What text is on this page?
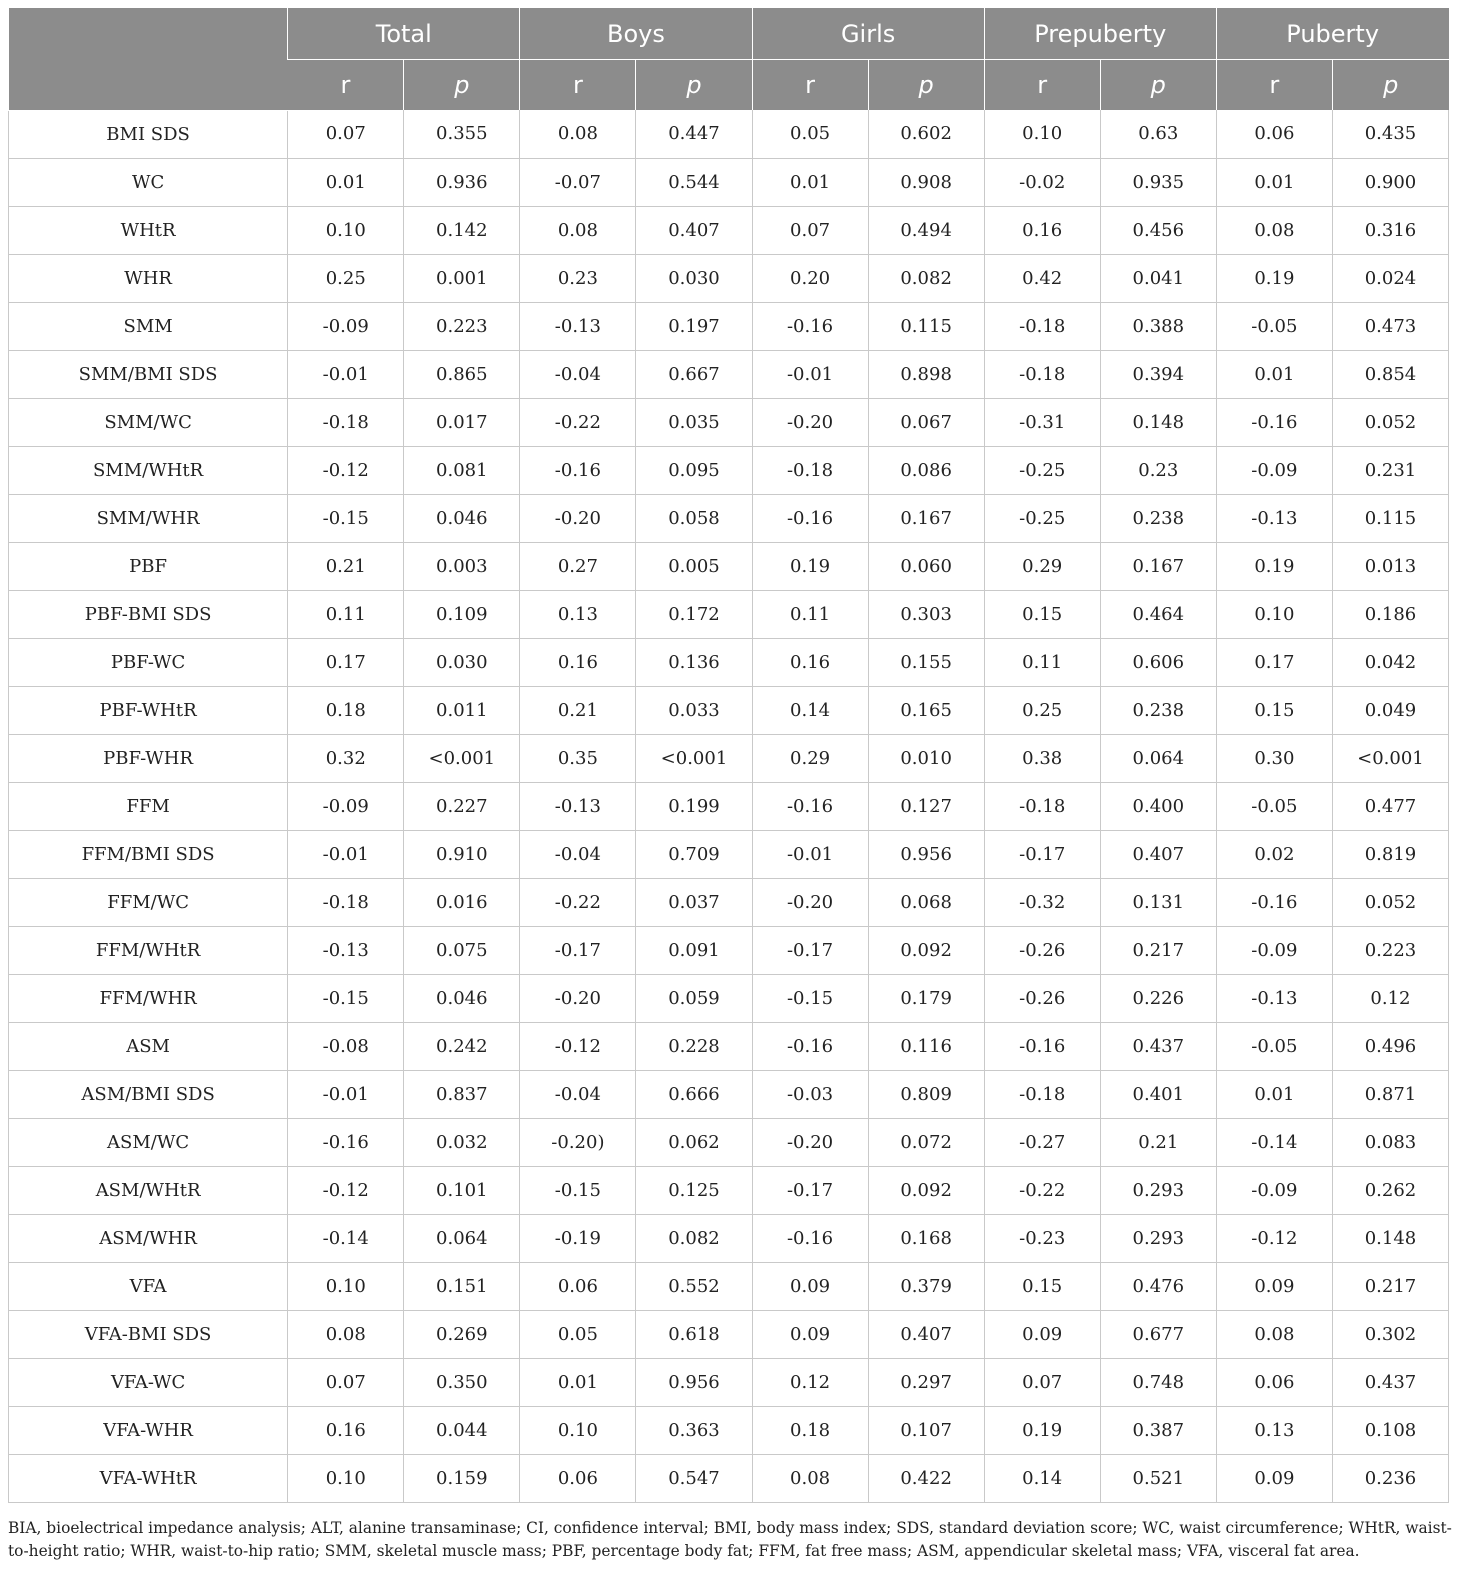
	Total		Boys		Girls		Prepuberty		Puberty	
	r	p	r	p	r	p	r	p	r	p
BMI SDS	0.07	0.355	0.08	0.447	0.05	0.602	0.10	0.63	0.06	0.435
WC	0.01	0.936	-0.07	0.544	0.01	0.908	-0.02	0.935	0.01	0.900
WHtR	0.10	0.142	0.08	0.407	0.07	0.494	0.16	0.456	0.08	0.316
WHR	0.25	0.001	0.23	0.030	0.20	0.082	0.42	0.041	0.19	0.024
SMM	-0.09	0.223	-0.13	0.197	-0.16	0.115	-0.18	0.388	-0.05	0.473
SMM/BMI SDS	-0.01	0.865	-0.04	0.667	-0.01	0.898	-0.18	0.394	0.01	0.854
SMM/WC	-0.18	0.017	-0.22	0.035	-0.20	0.067	-0.31	0.148	-0.16	0.052
SMM/WHtR	-0.12	0.081	-0.16	0.095	-0.18	0.086	-0.25	0.23	-0.09	0.231
SMM/WHR	-0.15	0.046	-0.20	0.058	-0.16	0.167	-0.25	0.238	-0.13	0.115
PBF	0.21	0.003	0.27	0.005	0.19	0.060	0.29	0.167	0.19	0.013
PBF-BMI SDS	0.11	0.109	0.13	0.172	0.11	0.303	0.15	0.464	0.10	0.186
PBF-WC	0.17	0.030	0.16	0.136	0.16	0.155	0.11	0.606	0.17	0.042
PBF-WHtR	0.18	0.011	0.21	0.033	0.14	0.165	0.25	0.238	0.15	0.049
PBF-WHR	0.32	<0.001	0.35	<0.001	0.29	0.010	0.38	0.064	0.30	<0.001
FFM	-0.09	0.227	-0.13	0.199	-0.16	0.127	-0.18	0.400	-0.05	0.477
FFM/BMI SDS	-0.01	0.910	-0.04	0.709	-0.01	0.956	-0.17	0.407	0.02	0.819
FFM/WC	-0.18	0.016	-0.22	0.037	-0.20	0.068	-0.32	0.131	-0.16	0.052
FFM/WHtR	-0.13	0.075	-0.17	0.091	-0.17	0.092	-0.26	0.217	-0.09	0.223
FFM/WHR	-0.15	0.046	-0.20	0.059	-0.15	0.179	-0.26	0.226	-0.13	0.12
ASM	-0.08	0.242	-0.12	0.228	-0.16	0.116	-0.16	0.437	-0.05	0.496
ASM/BMI SDS	-0.01	0.837	-0.04	0.666	-0.03	0.809	-0.18	0.401	0.01	0.871
ASM/WC	-0.16	0.032	-0.20)	0.062	-0.20	0.072	-0.27	0.21	-0.14	0.083
ASM/WHtR	-0.12	0.101	-0.15	0.125	-0.17	0.092	-0.22	0.293	-0.09	0.262
ASM/WHR	-0.14	0.064	-0.19	0.082	-0.16	0.168	-0.23	0.293	-0.12	0.148
VFA	0.10	0.151	0.06	0.552	0.09	0.379	0.15	0.476	0.09	0.217
VFA-BMI SDS	0.08	0.269	0.05	0.618	0.09	0.407	0.09	0.677	0.08	0.302
VFA-WC	0.07	0.350	0.01	0.956	0.12	0.297	0.07	0.748	0.06	0.437
VFA-WHR	0.16	0.044	0.10	0.363	0.18	0.107	0.19	0.387	0.13	0.108
VFA-WHtR	0.10	0.159	0.06	0.547	0.08	0.422	0.14	0.521	0.09	0.236

BIA, bioelectrical impedance analysis; ALT, alanine transaminase; CI, confidence interval; BMI, body mass index; SDS, standard deviation score; WC, waist circumference; WHtR, waist-to-height ratio; WHR, waist-to-hip ratio; SMM, skeletal muscle mass; PBF, percentage body fat; FFM, fat free mass; ASM, appendicular skeletal mass; VFA, visceral fat area.
